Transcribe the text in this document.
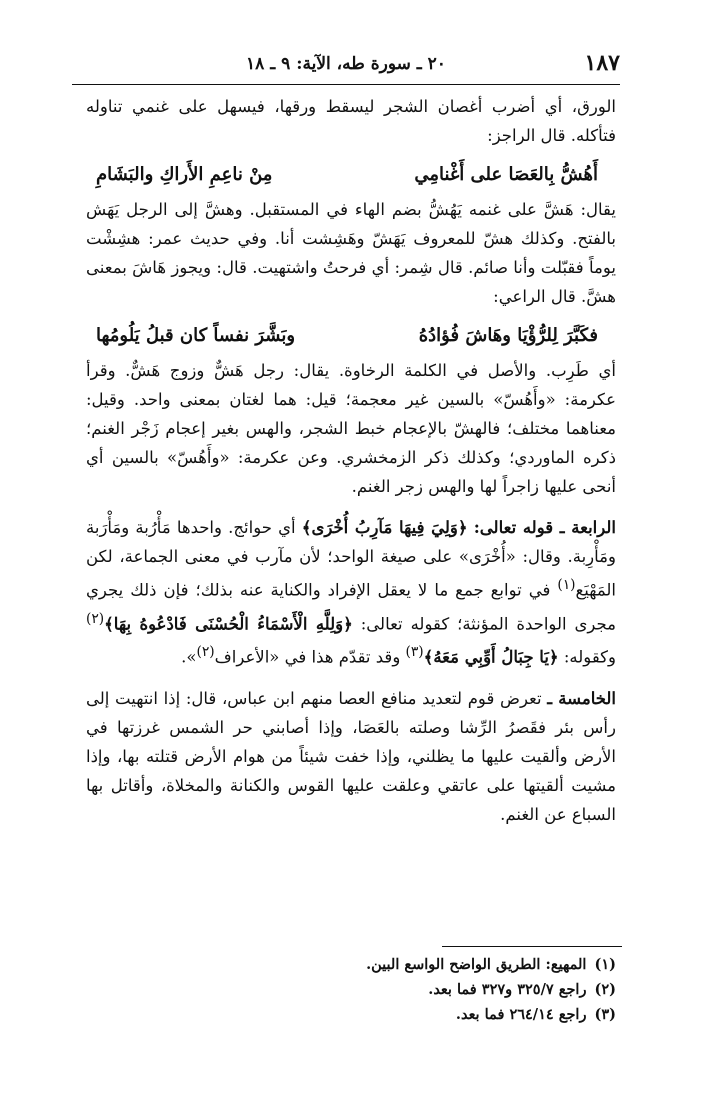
١٨٧
٢٠ ـ سورة طه، الآية: ٩ ـ ١٨

الورق، أي أضرب أغصان الشجر ليسقط ورقها، فيسهل على غنمي تناوله فتأكله. قال الراجز:

أَهُشُّ بِالعَصَا على أَغْنامِي
مِنْ ناعِمِ الأَراكِ والبَشَامِ

يقال: هَشَّ على غنمه يَهُشُّ بضم الهاء في المستقبل. وهشَّ إلى الرجل يَهَش بالفتح. وكذلك هشّ للمعروف يَهَشّ وهَشِشت أنا. وفي حديث عمر: هشِشْت يوماً فقبّلت وأنا صائم. قال شِمر: أي فرحتُ واشتهيت. قال: ويجوز هَاشَ بمعنى هشَّ. قال الراعي:

فكَبَّرَ لِلرُّؤْيَا وهَاشَ فُؤادُهُ
وبَشَّرَ نفساً كان قبلُ يَلُومُها

أي طَرِب. والأصل في الكلمة الرخاوة. يقال: رجل هَشٌّ وزوج هَشٌّ. وقرأ عكرمة: «وأَهُسّ» بالسين غير معجمة؛ قيل: هما لغتان بمعنى واحد. وقيل: معناهما مختلف؛ فالهشّ بالإعجام خبط الشجر، والهس بغير إعجام زَجْر الغنم؛ ذكره الماوردي؛ وكذلك ذكر الزمخشري. وعن عكرمة: «وأَهُسّ» بالسين أي أنحى عليها زاجراً لها والهس زجر الغنم.

الرابعة ـ قوله تعالى: ﴿وَلِيَ فِيهَا مَآرِبُ أُخْرَى﴾ أي حوائج. واحدها مَأْرُبة ومَأْرَبة ومَأْرِبة. وقال: «أُخْرَى» على صيغة الواحد؛ لأن مآرب في معنى الجماعة، لكن المَهْيَع$^{(١)}$ في توابع جمع ما لا يعقل الإفراد والكناية عنه بذلك؛ فإن ذلك يجري مجرى الواحدة المؤنثة؛ كقوله تعالى: ﴿وَلِلَّهِ الْأَسْمَاءُ الْحُسْنَى فَادْعُوهُ بِهَا﴾$^{(٢)}$ وكقوله: ﴿يَا جِبَالُ أَوِّبِي مَعَهُ﴾$^{(٣)}$ وقد تقدّم هذا في «الأعراف$^{(٢)}$».

الخامسة ـ تعرض قوم لتعديد منافع العصا منهم ابن عباس، قال: إذا انتهيت إلى رأس بئر فقَصرُ الرِّشا وصلته بالعَصَا، وإذا أصابني حر الشمس غرزتها في الأرض وألقيت عليها ما يظلني، وإذا خفت شيئاً من هوام الأرض قتلته بها، وإذا مشيت ألقيتها على عاتقي وعلقت عليها القوس والكنانة والمخلاة، وأقاتل بها السباع عن الغنم.

(١)
المهيع: الطريق الواضح الواسع البين.
(٢)
راجع ٣٢٥/٧ و٣٢٧ فما بعد.
(٣)
راجع ٢٦٤/١٤ فما بعد.
